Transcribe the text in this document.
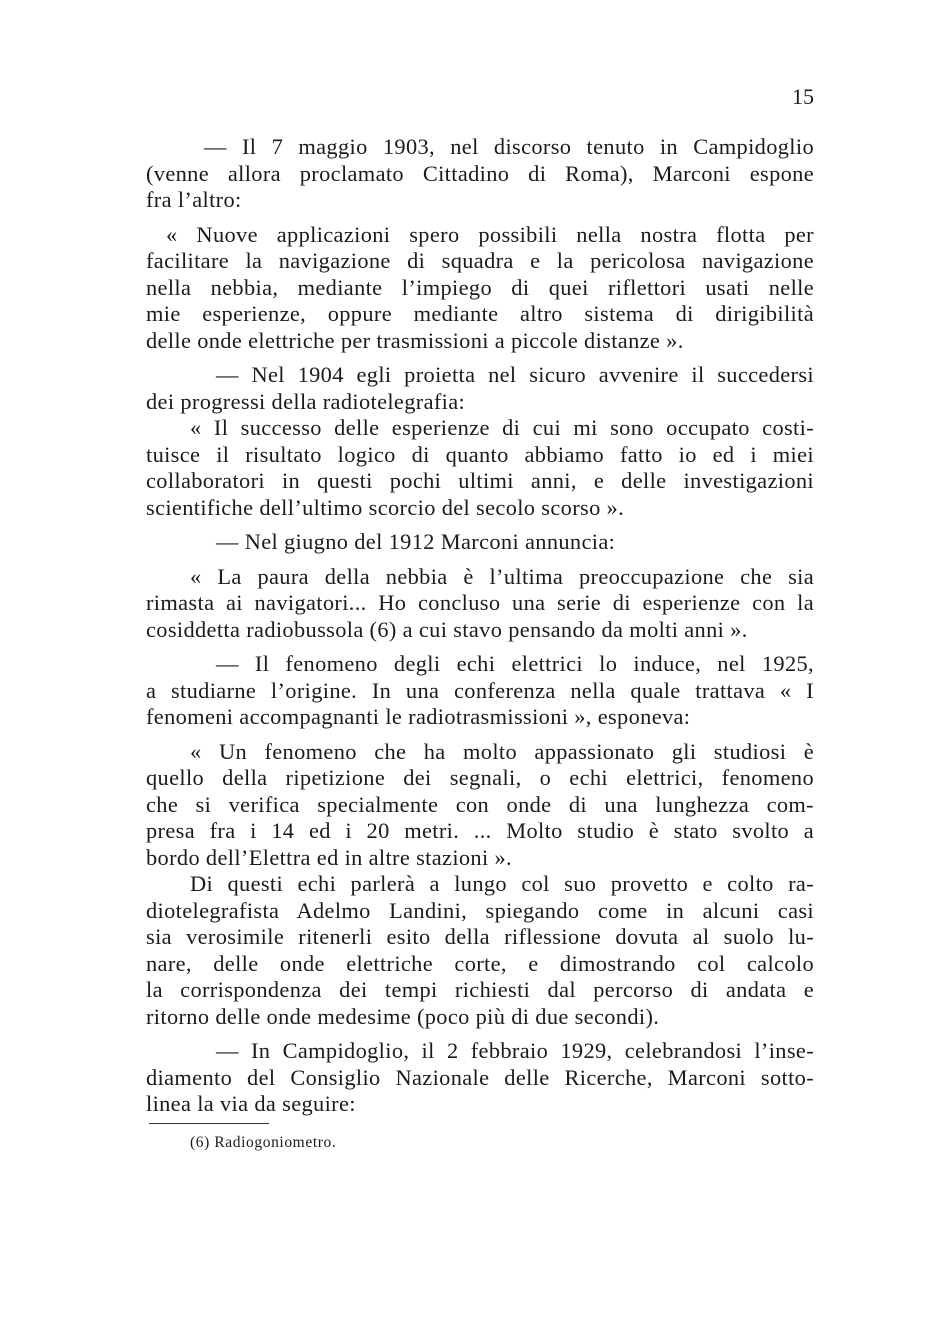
15
— Il 7 maggio 1903, nel discorso tenuto in Campidoglio
(venne allora proclamato Cittadino di Roma), Marconi espone
fra l’altro:
« Nuove applicazioni spero possibili nella nostra flotta per
facilitare la navigazione di squadra e la pericolosa navigazione
nella nebbia, mediante l’impiego di quei riflettori usati nelle
mie esperienze, oppure mediante altro sistema di dirigibilità
delle onde elettriche per trasmissioni a piccole distanze ».
— Nel 1904 egli proietta nel sicuro avvenire il succedersi
dei progressi della radiotelegrafia:
« Il successo delle esperienze di cui mi sono occupato costi-
tuisce il risultato logico di quanto abbiamo fatto io ed i miei
collaboratori in questi pochi ultimi anni, e delle investigazioni
scientifiche dell’ultimo scorcio del secolo scorso ».
— Nel giugno del 1912 Marconi annuncia:
« La paura della nebbia è l’ultima preoccupazione che sia
rimasta ai navigatori... Ho concluso una serie di esperienze con la
cosiddetta radiobussola (6) a cui stavo pensando da molti anni ».
— Il fenomeno degli echi elettrici lo induce, nel 1925,
a studiarne l’origine. In una conferenza nella quale trattava « I
fenomeni accompagnanti le radiotrasmissioni », esponeva:
« Un fenomeno che ha molto appassionato gli studiosi è
quello della ripetizione dei segnali, o echi elettrici, fenomeno
che si verifica specialmente con onde di una lunghezza com-
presa fra i 14 ed i 20 metri. ... Molto studio è stato svolto a
bordo dell’Elettra ed in altre stazioni ».
Di questi echi parlerà a lungo col suo provetto e colto ra-
diotelegrafista Adelmo Landini, spiegando come in alcuni casi
sia verosimile ritenerli esito della riflessione dovuta al suolo lu-
nare, delle onde elettriche corte, e dimostrando col calcolo
la corrispondenza dei tempi richiesti dal percorso di andata e
ritorno delle onde medesime (poco più di due secondi).
— In Campidoglio, il 2 febbraio 1929, celebrandosi l’inse-
diamento del Consiglio Nazionale delle Ricerche, Marconi sotto-
linea la via da seguire:
(6) Radiogoniometro.
